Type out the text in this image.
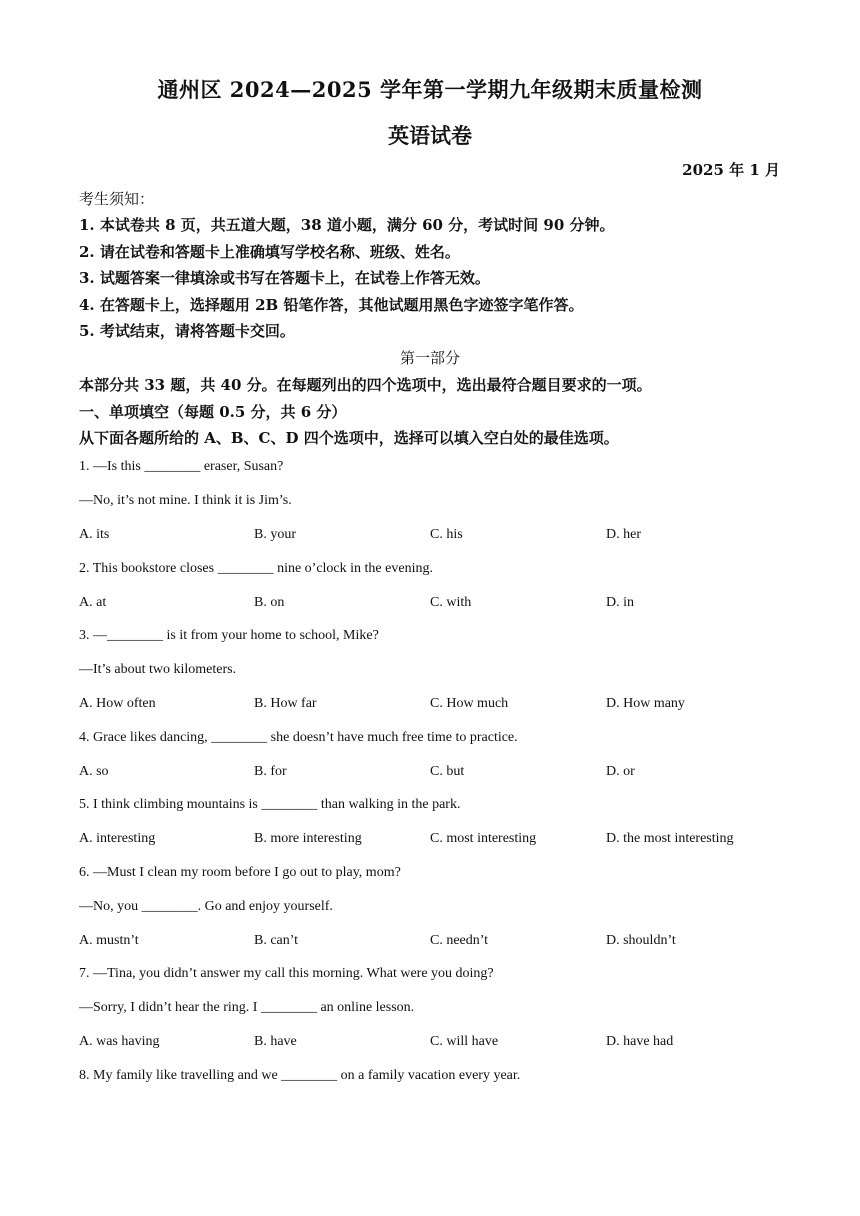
通州区 2024—2025 学年第一学期九年级期末质量检测
英语试卷
2025 年 1 月
考生须知：
1. 本试卷共 8 页，共五道大题，38 道小题，满分 60 分，考试时间 90 分钟。
2. 请在试卷和答题卡上准确填写学校名称、班级、姓名。
3. 试题答案一律填涂或书写在答题卡上，在试卷上作答无效。
4. 在答题卡上，选择题用 2B 铅笔作答，其他试题用黑色字迹签字笔作答。
5. 考试结束，请将答题卡交回。
第一部分
本部分共 33 题，共 40 分。在每题列出的四个选项中，选出最符合题目要求的一项。
一、单项填空（每题 0.5 分，共 6 分）
从下面各题所给的 A、B、C、D 四个选项中，选择可以填入空白处的最佳选项。
1. —Is this ________ eraser, Susan?
—No, it’s not mine. I think it is Jim’s.
A. its	B. your	C. his	D. her
2. This bookstore closes ________ nine o’clock in the evening.
A. at	B. on	C. with	D. in
3. —________ is it from your home to school, Mike?
—It’s about two kilometers.
A. How often	B. How far	C. How much	D. How many
4. Grace likes dancing, ________ she doesn’t have much free time to practice.
A. so	B. for	C. but	D. or
5. I think climbing mountains is ________ than walking in the park.
A. interesting	B. more interesting	C. most interesting	D. the most interesting
6. —Must I clean my room before I go out to play, mom?
—No, you ________. Go and enjoy yourself.
A. mustn’t	B. can’t	C. needn’t	D. shouldn’t
7. —Tina, you didn’t answer my call this morning. What were you doing?
—Sorry, I didn’t hear the ring. I ________ an online lesson.
A. was having	B. have	C. will have	D. have had
8. My family like travelling and we ________ on a family vacation every year.
